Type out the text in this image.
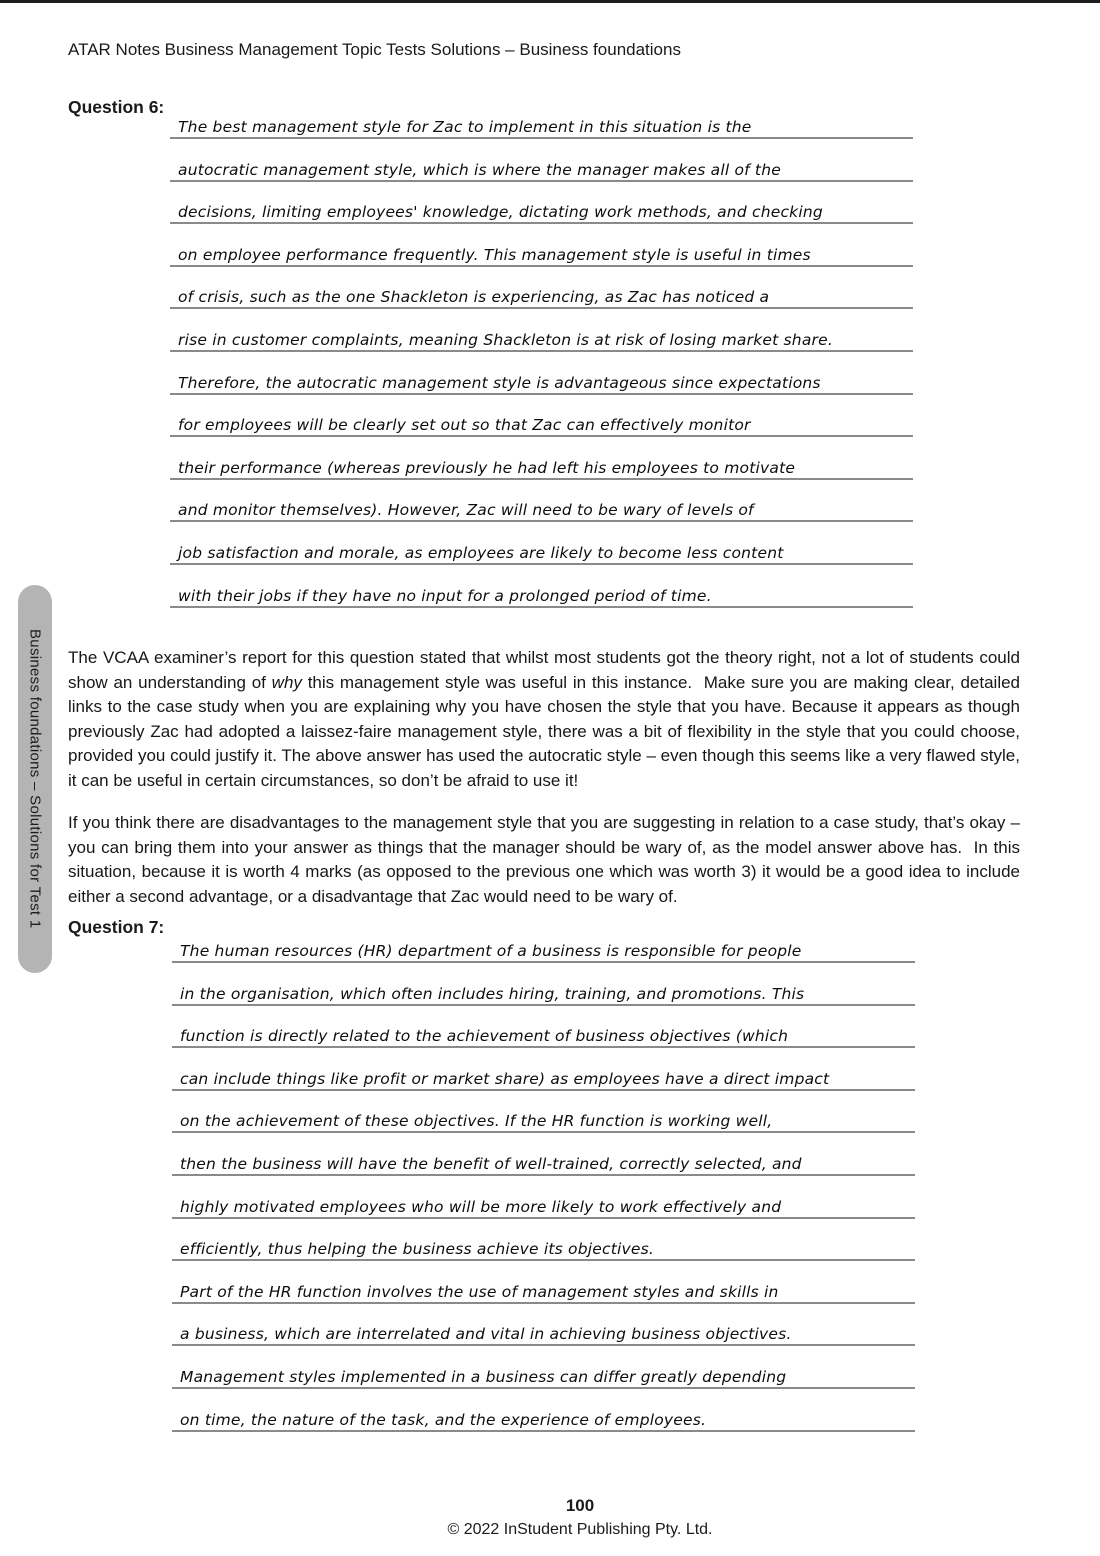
ATAR Notes Business Management Topic Tests Solutions – Business foundations
Question 6:
The best management style for Zac to implement in this situation is the
autocratic management style, which is where the manager makes all of the
decisions, limiting employees' knowledge, dictating work methods, and checking
on employee performance frequently. This management style is useful in times
of crisis, such as the one Shackleton is experiencing, as Zac has noticed a
rise in customer complaints, meaning Shackleton is at risk of losing market share.
Therefore, the autocratic management style is advantageous since expectations
for employees will be clearly set out so that Zac can effectively monitor
their performance (whereas previously he had left his employees to motivate
and monitor themselves). However, Zac will need to be wary of levels of
job satisfaction and morale, as employees are likely to become less content
with their jobs if they have no input for a prolonged period of time.

The VCAA examiner’s report for this question stated that whilst most students got the theory right, not a lot of students could show an understanding of why this management style was useful in this instance.  Make sure you are making clear, detailed links to the case study when you are explaining why you have chosen the style that you have. Because it appears as though previously Zac had adopted a laissez-faire management style, there was a bit of flexibility in the style that you could choose, provided you could justify it. The above answer has used the autocratic style – even though this seems like a very flawed style, it can be useful in certain circumstances, so don’t be afraid to use it!

If you think there are disadvantages to the management style that you are suggesting in relation to a case study, that’s okay – you can bring them into your answer as things that the manager should be wary of, as the model answer above has.  In this situation, because it is worth 4 marks (as opposed to the previous one which was worth 3) it would be a good idea to include either a second advantage, or a disadvantage that Zac would need to be wary of.

Question 7:
The human resources (HR) department of a business is responsible for people
in the organisation, which often includes hiring, training, and promotions. This
function is directly related to the achievement of business objectives (which
can include things like profit or market share) as employees have a direct impact
on the achievement of these objectives. If the HR function is working well,
then the business will have the benefit of well-trained, correctly selected, and
highly motivated employees who will be more likely to work effectively and
efficiently, thus helping the business achieve its objectives.
Part of the HR function involves the use of management styles and skills in
a business, which are interrelated and vital in achieving business objectives.
Management styles implemented in a business can differ greatly depending
on time, the nature of the task, and the experience of employees.
Business foundations – Solutions for Test 1
100
© 2022 InStudent Publishing Pty. Ltd.
